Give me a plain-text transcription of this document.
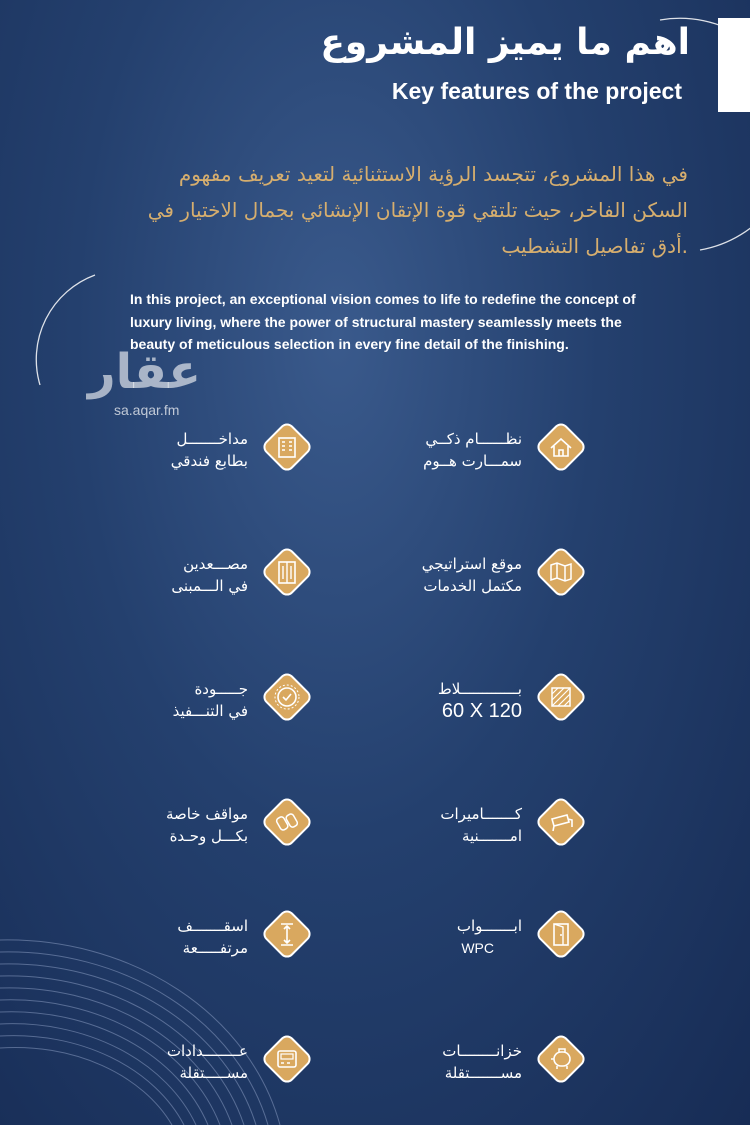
اهم ما يميز المشروع
Key features of the project
في هذا المشروع، تتجسد الرؤية الاستثنائية لتعيد تعريف مفهوم
السكن الفاخر، حيث تلتقي قوة الإتقان الإنشائي بجمال الاختيار في
.أدق تفاصيل التشطيب
In this project, an exceptional vision comes to life to redefine the concept of
luxury living, where the power of structural mastery seamlessly meets the
beauty of meticulous selection in every fine detail of the finishing.
عقار
sa.aqar.fm
نظــــــام ذكــي
سمـــارت هــوم
مداخـــــــل
بطابع فندقي
موقع استراتيجي
مكتمل الخدمات
مصـــعدين
في الـــمبنى
بـــــــــــــلاط
60 X 120
جـــــودة
في التنـــفيذ
كـــــــاميرات
امـــــــنية
مواقف خاصة
بكـــل وحـدة
ابـــــــواب
WPC
اسقـــــــف
مرتفـــــعة
خزانــــــــات
مســـــــتقلة
عــــــــدادات
مســـــتقلة
